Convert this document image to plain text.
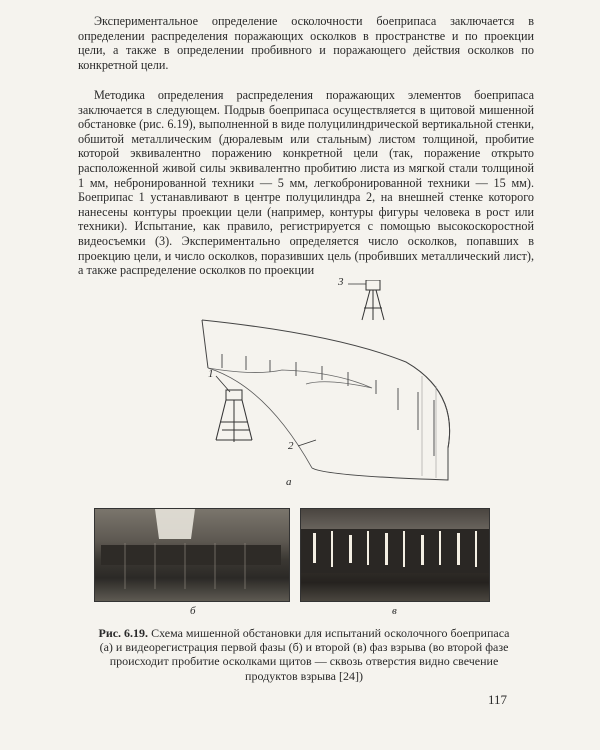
Экспериментальное определение осколочности боеприпаса заключается в определении распределения поражающих осколков в пространстве и по проекции цели, а также в определении пробивного и поражающего действия осколков по конкретной цели.

Методика определения распределения поражающих элементов боеприпаса заключается в следующем. Подрыв боеприпаса осуществляется в щитовой мишенной обстановке (рис. 6.19), выполненной в виде полуцилиндрической вертикальной стенки, обшитой металлическим (дюралевым или стальным) листом толщиной, пробитие которой эквивалентно поражению конкретной цели (так, поражение открыто расположенной живой силы эквивалентно пробитию листа из мягкой стали толщиной 1 мм, небронированной техники — 5 мм, легкобронированной техники — 15 мм). Боеприпас 1 устанавливают в центре полуцилиндра 2, на внешней стенке которого нанесены контуры проекции цели (например, контуры фигуры человека в рост или техники). Испытание, как правило, регистрируется с помощью высокоскоростной видеосъемки (3). Экспериментально определяется число осколков, попавших в проекцию цели, и число осколков, поразивших цель (пробивших металлический лист), а также распределение осколков по проекции

1
2
3
а
б	в
Рис. 6.19. Схема мишенной обстановки для испытаний осколочного боеприпаса (а) и видеорегистрация первой фазы (б) и второй (в) фаз взрыва (во второй фазе происходит пробитие осколками щитов — сквозь отверстия видно свечение продуктов взрыва [24])
117
